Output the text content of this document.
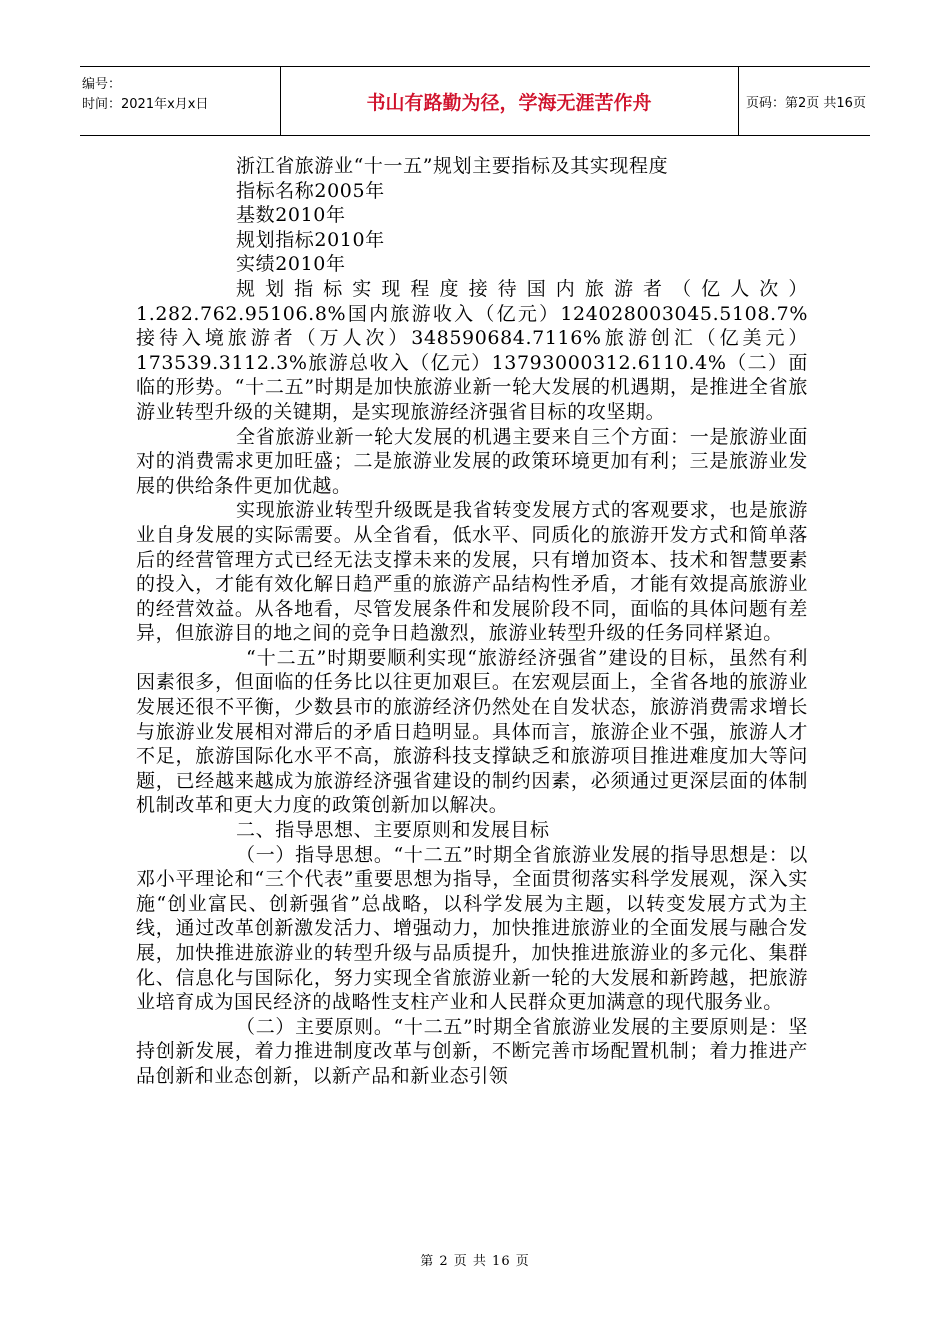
编号：
时间：2021年x月x日	书山有路勤为径，学海无涯苦作舟	页码：第2页 共16页

浙江省旅游业“十一五”规划主要指标及其实现程度

指标名称2005年

基数2010年

规划指标2010年

实绩2010年

规划指标实现程度接待国内旅游者（亿人次）1.282.762.95106.8%国内旅游收入（亿元）124028003045.5108.7%接待入境旅游者（万人次）348590684.7116%旅游创汇（亿美元）173539.3112.3%旅游总收入（亿元）13793000312.6110.4%（二）面临的形势。“十二五”时期是加快旅游业新一轮大发展的机遇期，是推进全省旅游业转型升级的关键期，是实现旅游经济强省目标的攻坚期。

全省旅游业新一轮大发展的机遇主要来自三个方面：一是旅游业面对的消费需求更加旺盛；二是旅游业发展的政策环境更加有利；三是旅游业发展的供给条件更加优越。

实现旅游业转型升级既是我省转变发展方式的客观要求，也是旅游业自身发展的实际需要。从全省看，低水平、同质化的旅游开发方式和简单落后的经营管理方式已经无法支撑未来的发展，只有增加资本、技术和智慧要素的投入，才能有效化解日趋严重的旅游产品结构性矛盾，才能有效提高旅游业的经营效益。从各地看，尽管发展条件和发展阶段不同，面临的具体问题有差异，但旅游目的地之间的竞争日趋激烈，旅游业转型升级的任务同样紧迫。

“十二五”时期要顺利实现“旅游经济强省”建设的目标，虽然有利因素很多，但面临的任务比以往更加艰巨。在宏观层面上，全省各地的旅游业发展还很不平衡，少数县市的旅游经济仍然处在自发状态，旅游消费需求增长与旅游业发展相对滞后的矛盾日趋明显。具体而言，旅游企业不强，旅游人才不足，旅游国际化水平不高，旅游科技支撑缺乏和旅游项目推进难度加大等问题，已经越来越成为旅游经济强省建设的制约因素，必须通过更深层面的体制机制改革和更大力度的政策创新加以解决。

二、指导思想、主要原则和发展目标

（一）指导思想。“十二五”时期全省旅游业发展的指导思想是：以邓小平理论和“三个代表”重要思想为指导，全面贯彻落实科学发展观，深入实施“创业富民、创新强省”总战略，以科学发展为主题，以转变发展方式为主线，通过改革创新激发活力、增强动力，加快推进旅游业的全面发展与融合发展，加快推进旅游业的转型升级与品质提升，加快推进旅游业的多元化、集群化、信息化与国际化，努力实现全省旅游业新一轮的大发展和新跨越，把旅游业培育成为国民经济的战略性支柱产业和人民群众更加满意的现代服务业。

（二）主要原则。“十二五”时期全省旅游业发展的主要原则是：坚持创新发展，着力推进制度改革与创新，不断完善市场配置机制；着力推进产品创新和业态创新，以新产品和新业态引领

第 2 页 共 16 页
